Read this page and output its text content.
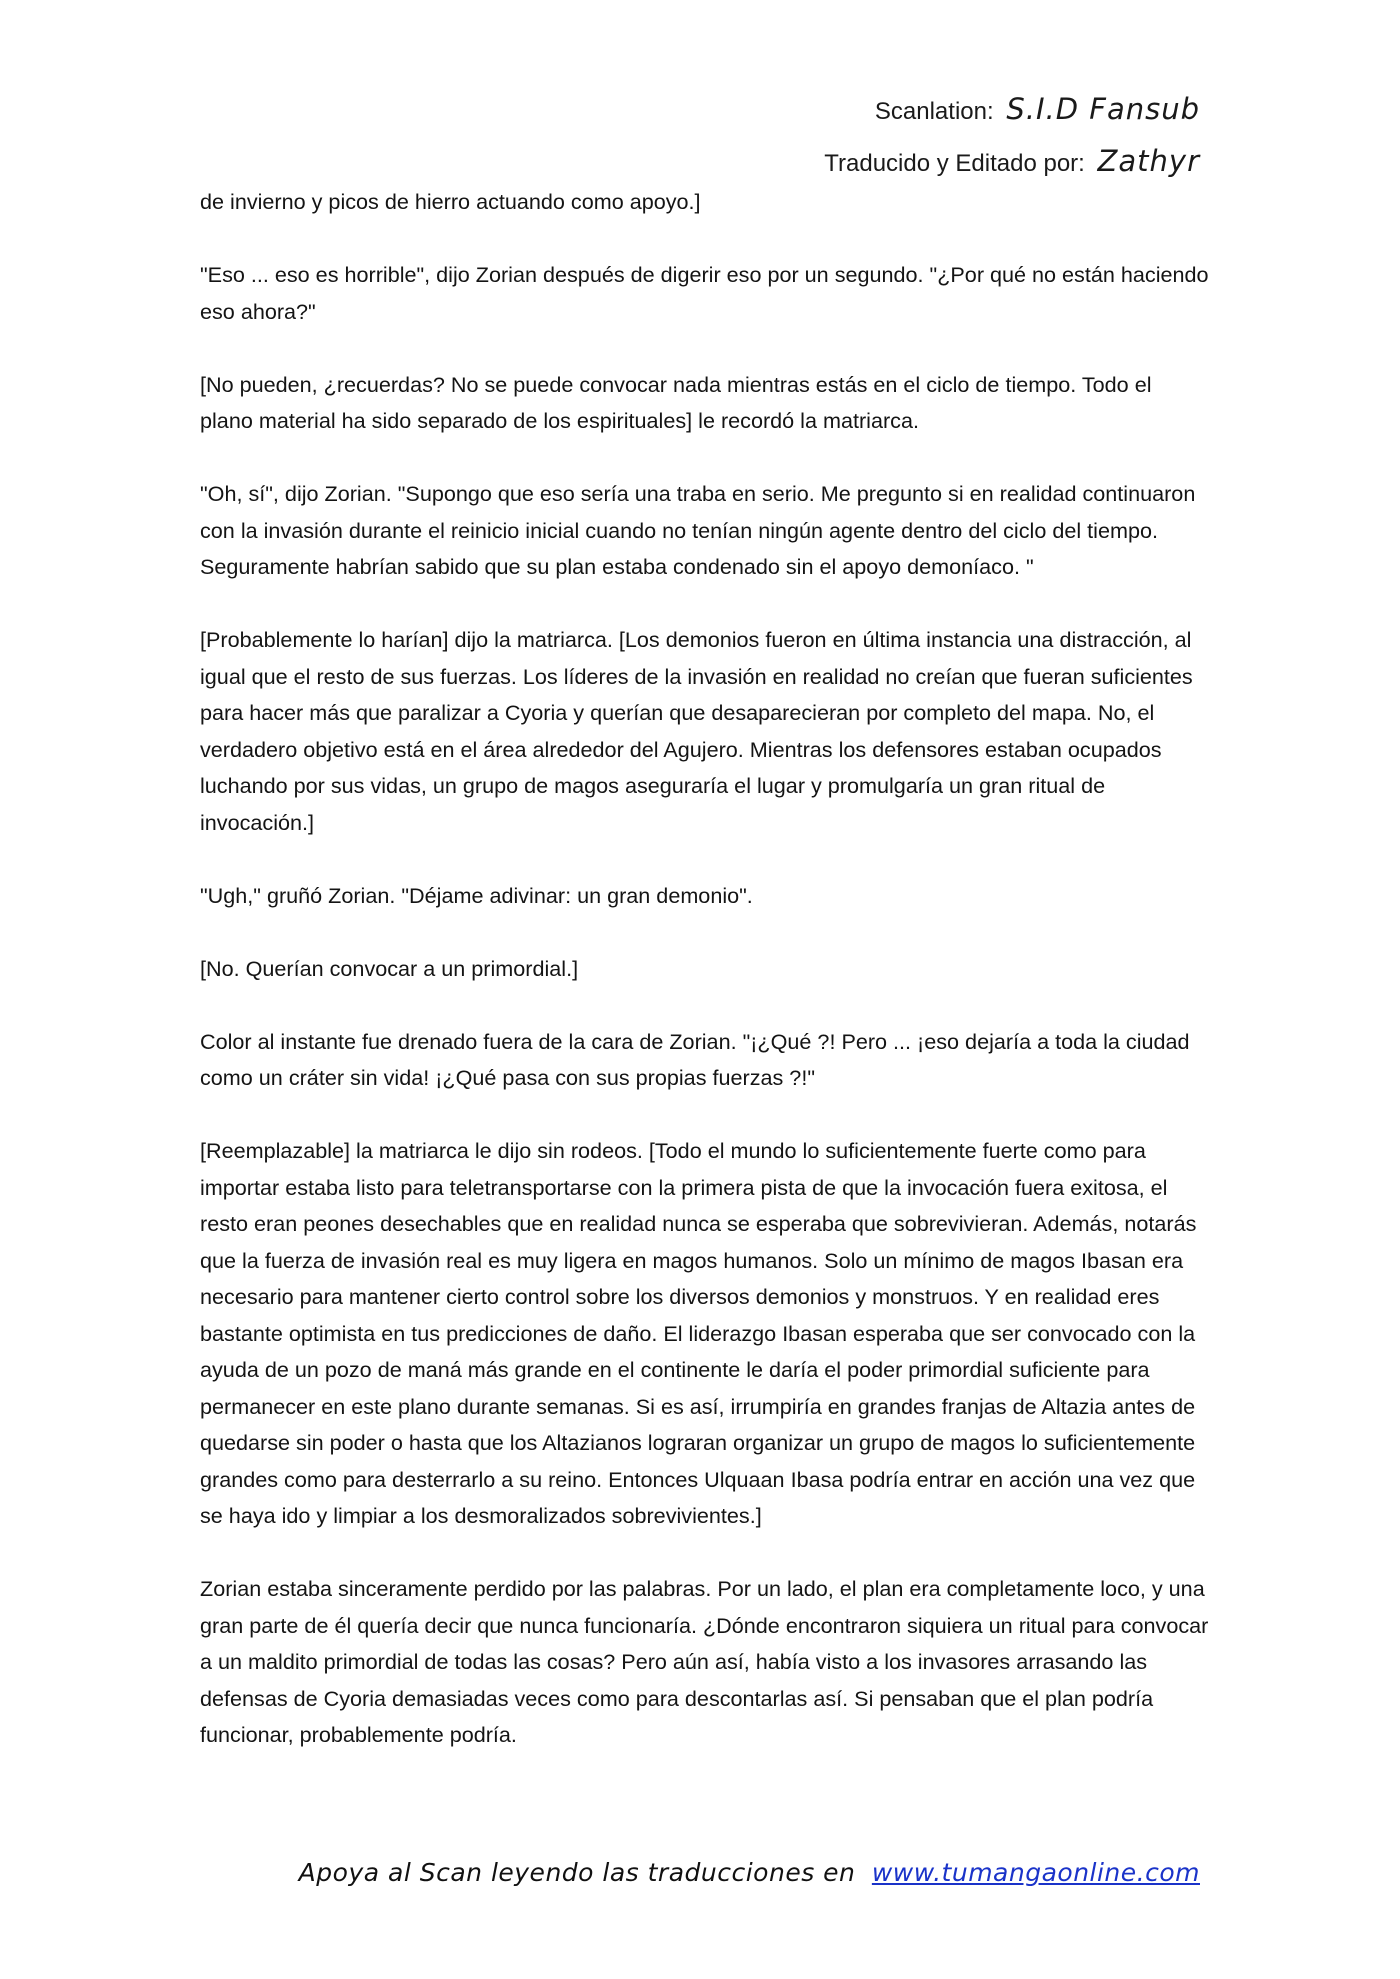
Scanlation: S.I.D Fansub
Traducido y Editado por: Zathyr

de invierno y picos de hierro actuando como apoyo.]

"Eso ... eso es horrible", dijo Zorian después de digerir eso por un segundo. "¿Por qué no están haciendo eso ahora?"

[No pueden, ¿recuerdas? No se puede convocar nada mientras estás en el ciclo de tiempo. Todo el plano material ha sido separado de los espirituales] le recordó la matriarca.

"Oh, sí", dijo Zorian. "Supongo que eso sería una traba en serio. Me pregunto si en realidad continuaron con la invasión durante el reinicio inicial cuando no tenían ningún agente dentro del ciclo del tiempo. Seguramente habrían sabido que su plan estaba condenado sin el apoyo demoníaco. "

[Probablemente lo harían] dijo la matriarca. [Los demonios fueron en última instancia una distracción, al igual que el resto de sus fuerzas. Los líderes de la invasión en realidad no creían que fueran suficientes para hacer más que paralizar a Cyoria y querían que desaparecieran por completo del mapa. No, el verdadero objetivo está en el área alrededor del Agujero. Mientras los defensores estaban ocupados luchando por sus vidas, un grupo de magos aseguraría el lugar y promulgaría un gran ritual de invocación.]

"Ugh," gruñó Zorian. "Déjame adivinar: un gran demonio".

[No. Querían convocar a un primordial.]

Color al instante fue drenado fuera de la cara de Zorian. "¡¿Qué ?! Pero ... ¡eso dejaría a toda la ciudad como un cráter sin vida! ¡¿Qué pasa con sus propias fuerzas ?!"

[Reemplazable] la matriarca le dijo sin rodeos. [Todo el mundo lo suficientemente fuerte como para importar estaba listo para teletransportarse con la primera pista de que la invocación fuera exitosa, el resto eran peones desechables que en realidad nunca se esperaba que sobrevivieran. Además, notarás que la fuerza de invasión real es muy ligera en magos humanos. Solo un mínimo de magos Ibasan era necesario para mantener cierto control sobre los diversos demonios y monstruos. Y en realidad eres bastante optimista en tus predicciones de daño. El liderazgo Ibasan esperaba que ser convocado con la ayuda de un pozo de maná más grande en el continente le daría el poder primordial suficiente para permanecer en este plano durante semanas. Si es así, irrumpiría en grandes franjas de Altazia antes de quedarse sin poder o hasta que los Altazianos lograran organizar un grupo de magos lo suficientemente grandes como para desterrarlo a su reino. Entonces Ulquaan Ibasa podría entrar en acción una vez que se haya ido y limpiar a los desmoralizados sobrevivientes.]

Zorian estaba sinceramente perdido por las palabras. Por un lado, el plan era completamente loco, y una gran parte de él quería decir que nunca funcionaría. ¿Dónde encontraron siquiera un ritual para convocar a un maldito primordial de todas las cosas? Pero aún así, había visto a los invasores arrasando las defensas de Cyoria demasiadas veces como para descontarlas así. Si pensaban que el plan podría funcionar, probablemente podría.

Apoya al Scan leyendo las traducciones en www.tumangaonline.com
